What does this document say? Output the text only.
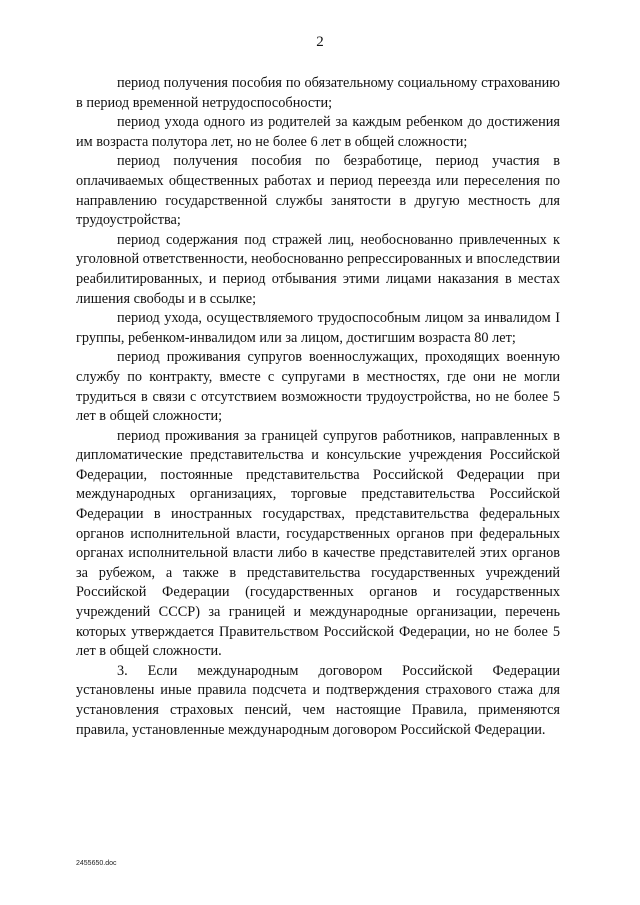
2

период получения пособия по обязательному социальному страхованию в период временной нетрудоспособности;

период ухода одного из родителей за каждым ребенком до достижения им возраста полутора лет, но не более 6 лет в общей сложности;

период получения пособия по безработице, период участия в оплачиваемых общественных работах и период переезда или переселения по направлению государственной службы занятости в другую местность для трудоустройства;

период содержания под стражей лиц, необоснованно привлеченных к уголовной ответственности, необоснованно репрессированных и впоследствии реабилитированных, и период отбывания этими лицами наказания в местах лишения свободы и в ссылке;

период ухода, осуществляемого трудоспособным лицом за инвалидом I группы, ребенком-инвалидом или за лицом, достигшим возраста 80 лет;

период проживания супругов военнослужащих, проходящих военную службу по контракту, вместе с супругами в местностях, где они не могли трудиться в связи с отсутствием возможности трудоустройства, но не более 5 лет в общей сложности;

период проживания за границей супругов работников, направленных в дипломатические представительства и консульские учреждения Российской Федерации, постоянные представительства Российской Федерации при международных организациях, торговые представительства Российской Федерации в иностранных государствах, представительства федеральных органов исполнительной власти, государственных органов при федеральных органах исполнительной власти либо в качестве представителей этих органов за рубежом, а также в представительства государственных учреждений Российской Федерации (государственных органов и государственных учреждений СССР) за границей и международные организации, перечень которых утверждается Правительством Российской Федерации, но не более 5 лет в общей сложности.

3. Если международным договором Российской Федерации установлены иные правила подсчета и подтверждения страхового стажа для установления страховых пенсий, чем настоящие Правила, применяются правила, установленные международным договором Российской Федерации.

2455650.doc
